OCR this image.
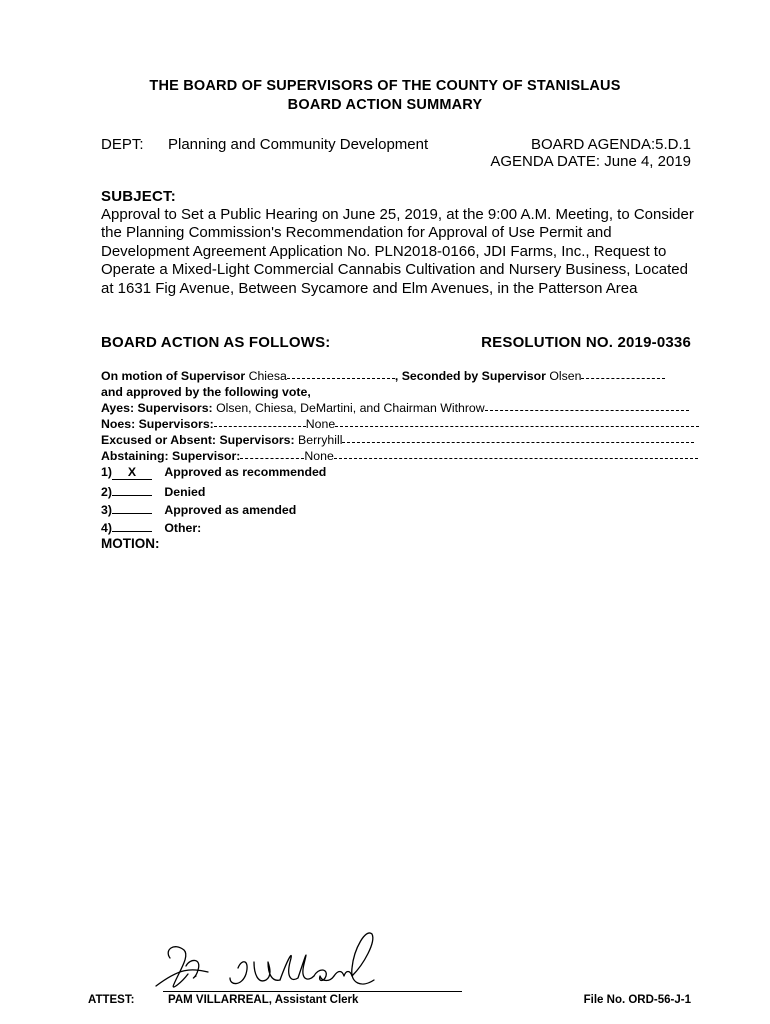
THE BOARD OF SUPERVISORS OF THE COUNTY OF STANISLAUS
BOARD ACTION SUMMARY
DEPT: Planning and Community Development	BOARD AGENDA:5.D.1
AGENDA DATE: June 4, 2019
SUBJECT:
Approval to Set a Public Hearing on June 25, 2019, at the 9:00 A.M. Meeting, to Consider the Planning Commission's Recommendation for Approval of Use Permit and Development Agreement Application No. PLN2018-0166, JDI Farms, Inc., Request to Operate a Mixed-Light Commercial Cannabis Cultivation and Nursery Business, Located at 1631 Fig Avenue, Between Sycamore and Elm Avenues, in the Patterson Area
BOARD ACTION AS FOLLOWS:	RESOLUTION NO. 2019-0336
On motion of Supervisor Chiesa	, Seconded by Supervisor Olsen
and approved by the following vote,
Ayes: Supervisors: Olsen, Chiesa, DeMartini, and Chairman Withrow
Noes: Supervisors:	None
Excused or Absent: Supervisors: Berryhill
Abstaining: Supervisor:	None
1) X Approved as recommended
2)	Denied
3)	Approved as amended
4)	Other:
MOTION:
ATTEST:	PAM VILLARREAL, Assistant Clerk	File No. ORD-56-J-1
